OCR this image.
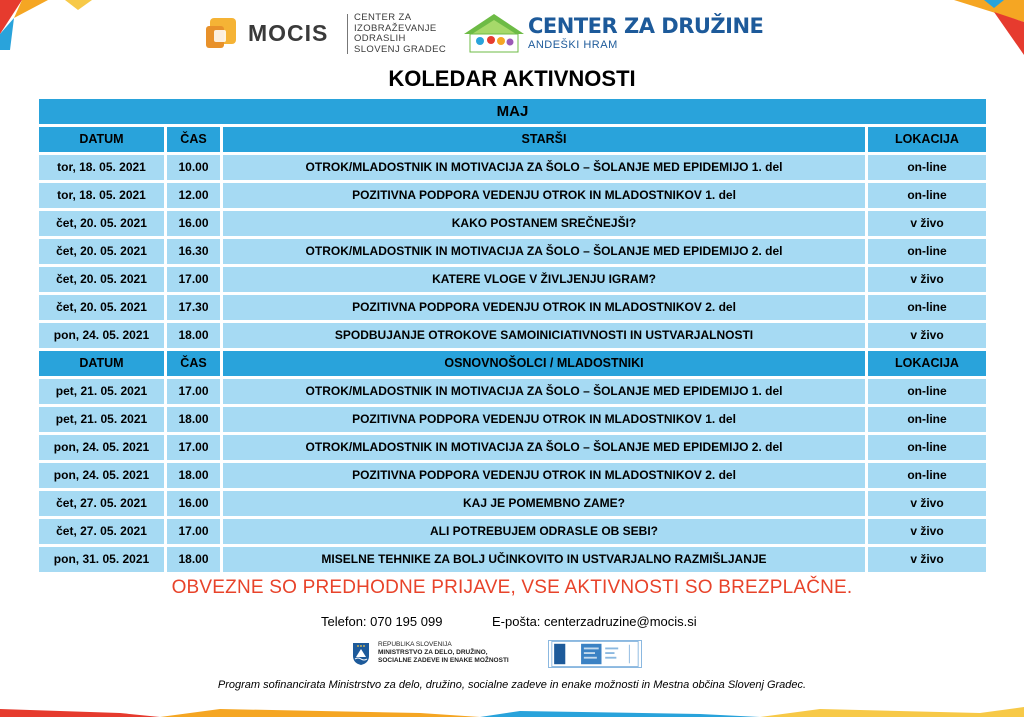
MOCIS
CENTER ZA
IZOBRAŽEVANJE
ODRASLIH
SLOVENJ GRADEC
CENTER ZA DRUŽINE
ANDEŠKI HRAM
KOLEDAR AKTIVNOSTI
MAJ
DATUM	ČAS	STARŠI	LOKACIJA
tor, 18. 05. 2021	10.00	OTROK/MLADOSTNIK IN MOTIVACIJA ZA ŠOLO – ŠOLANJE MED EPIDEMIJO 1. del	on-line
tor, 18. 05. 2021	12.00	POZITIVNA PODPORA VEDENJU OTROK IN MLADOSTNIKOV 1. del	on-line
čet, 20. 05. 2021	16.00	KAKO POSTANEM SREČNEJŠI?	v živo
čet, 20. 05. 2021	16.30	OTROK/MLADOSTNIK IN MOTIVACIJA ZA ŠOLO – ŠOLANJE MED EPIDEMIJO 2. del	on-line
čet, 20. 05. 2021	17.00	KATERE VLOGE V ŽIVLJENJU IGRAM?	v živo
čet, 20. 05. 2021	17.30	POZITIVNA PODPORA VEDENJU OTROK IN MLADOSTNIKOV 2. del	on-line
pon, 24. 05. 2021	18.00	SPODBUJANJE OTROKOVE SAMOINICIATIVNOSTI IN USTVARJALNOSTI	v živo
DATUM	ČAS	OSNOVNOŠOLCI / MLADOSTNIKI	LOKACIJA
pet, 21. 05. 2021	17.00	OTROK/MLADOSTNIK IN MOTIVACIJA ZA ŠOLO – ŠOLANJE MED EPIDEMIJO 1. del	on-line
pet, 21. 05. 2021	18.00	POZITIVNA PODPORA VEDENJU OTROK IN MLADOSTNIKOV 1. del	on-line
pon, 24. 05. 2021	17.00	OTROK/MLADOSTNIK IN MOTIVACIJA ZA ŠOLO – ŠOLANJE MED EPIDEMIJO 2. del	on-line
pon, 24. 05. 2021	18.00	POZITIVNA PODPORA VEDENJU OTROK IN MLADOSTNIKOV 2. del	on-line
čet, 27. 05. 2021	16.00	KAJ JE POMEMBNO ZAME?	v živo
čet, 27. 05. 2021	17.00	ALI POTREBUJEM ODRASLE OB SEBI?	v živo
pon, 31. 05. 2021	18.00	MISELNE TEHNIKE ZA BOLJ UČINKOVITO IN USTVARJALNO RAZMIŠLJANJE	v živo
OBVEZNE SO PREDHODNE PRIJAVE, VSE AKTIVNOSTI SO BREZPLAČNE.
Telefon: 070 195 099	E-pošta: centerzadruzine@mocis.si
REPUBLIKA SLOVENIJA
MINISTRSTVO ZA DELO, DRUŽINO,
SOCIALNE ZADEVE IN ENAKE MOŽNOSTI
Program sofinancirata Ministrstvo za delo, družino, socialne zadeve in enake možnosti in Mestna občina Slovenj Gradec.
